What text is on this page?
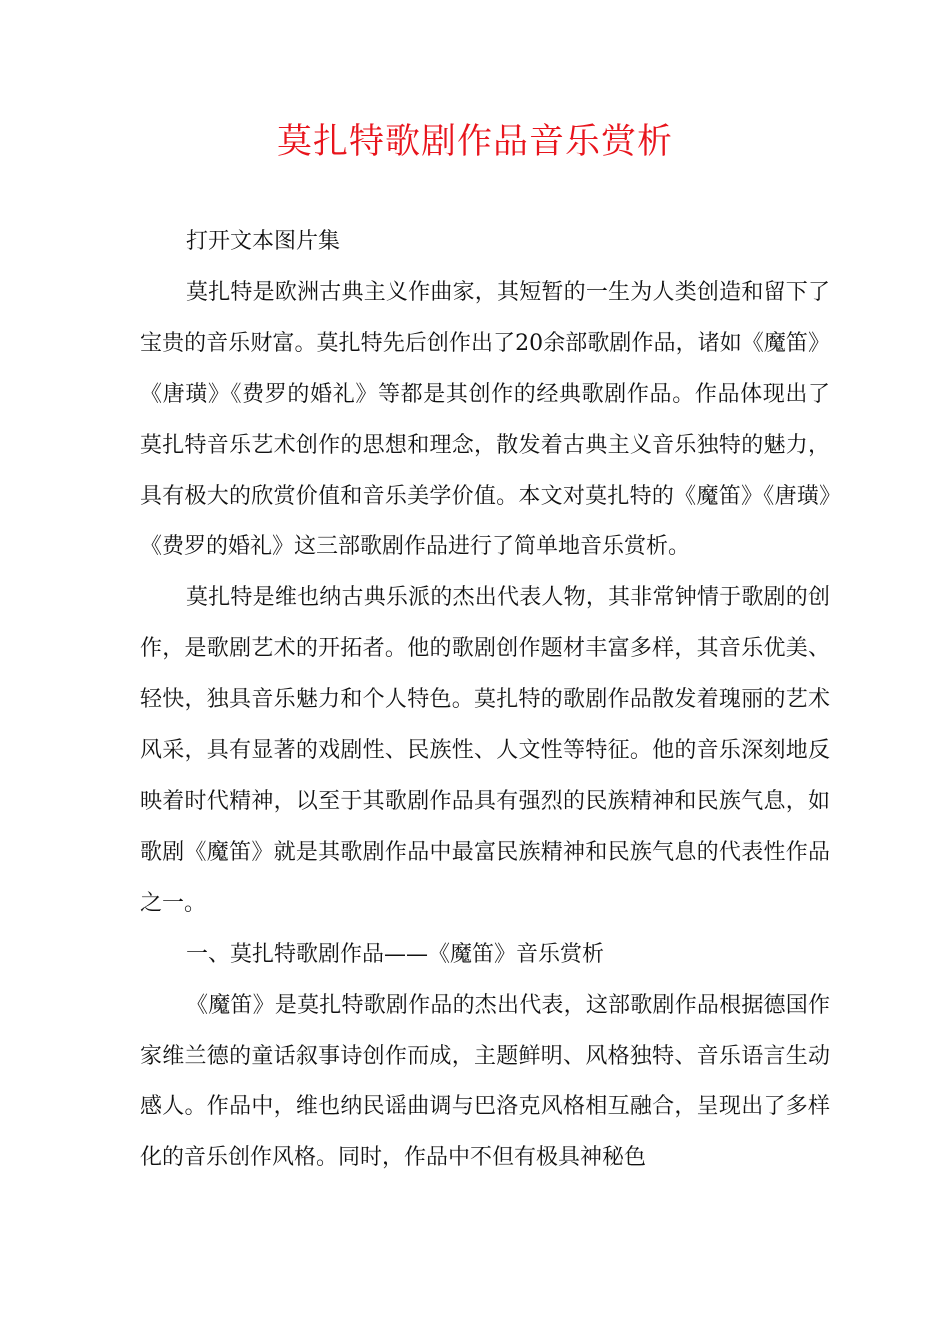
莫扎特歌剧作品音乐赏析

打开文本图片集

莫扎特是欧洲古典主义作曲家，其短暂的一生为人类创造和留下了宝贵的音乐财富。莫扎特先后创作出了20余部歌剧作品，诸如《魔笛》《唐璜》《费罗的婚礼》等都是其创作的经典歌剧作品。作品体现出了莫扎特音乐艺术创作的思想和理念，散发着古典主义音乐独特的魅力，具有极大的欣赏价值和音乐美学价值。本文对莫扎特的《魔笛》《唐璜》《费罗的婚礼》这三部歌剧作品进行了简单地音乐赏析。

莫扎特是维也纳古典乐派的杰出代表人物，其非常钟情于歌剧的创作，是歌剧艺术的开拓者。他的歌剧创作题材丰富多样，其音乐优美、轻快，独具音乐魅力和个人特色。莫扎特的歌剧作品散发着瑰丽的艺术风采，具有显著的戏剧性、民族性、人文性等特征。他的音乐深刻地反映着时代精神，以至于其歌剧作品具有强烈的民族精神和民族气息，如歌剧《魔笛》就是其歌剧作品中最富民族精神和民族气息的代表性作品之一。

一、莫扎特歌剧作品——《魔笛》音乐赏析

《魔笛》是莫扎特歌剧作品的杰出代表，这部歌剧作品根据德国作家维兰德的童话叙事诗创作而成，主题鲜明、风格独特、音乐语言生动感人。作品中，维也纳民谣曲调与巴洛克风格相互融合，呈现出了多样化的音乐创作风格。同时，作品中不但有极具神秘色
